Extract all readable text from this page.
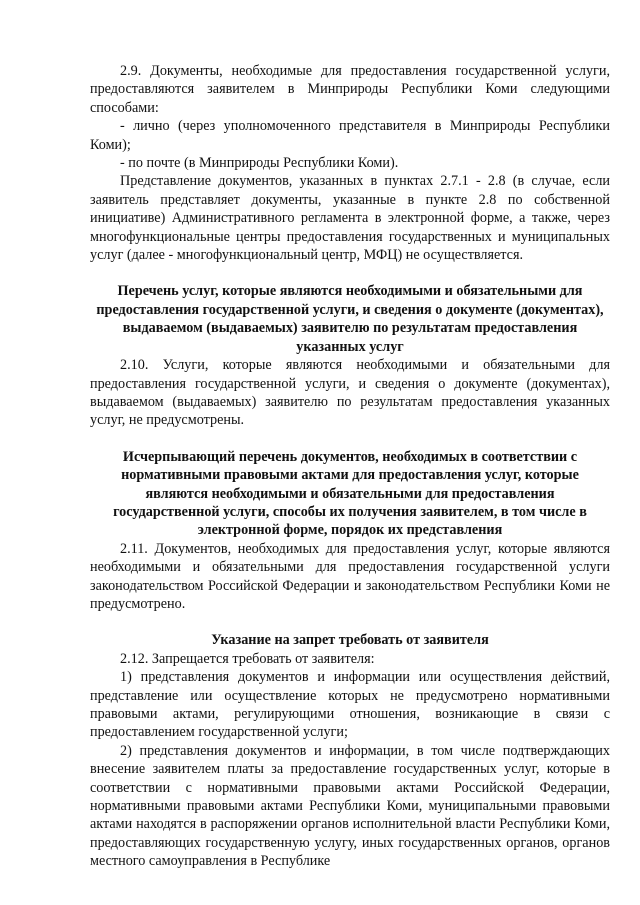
2.9. Документы, необходимые для предоставления государственной услуги, предоставляются заявителем в Минприроды Республики Коми следующими способами:

- лично (через уполномоченного представителя в Минприроды Республики Коми);

- по почте (в Минприроды Республики Коми).

Представление документов, указанных в пунктах 2.7.1 - 2.8 (в случае, если заявитель представляет документы, указанные в пункте 2.8 по собственной инициативе) Административного регламента в электронной форме, а также, через многофункциональные центры предоставления государственных и муниципальных услуг (далее - многофункциональный центр, МФЦ) не осуществляется.

Перечень услуг, которые являются необходимыми и обязательными для предоставления государственной услуги, и сведения о документе (документах), выдаваемом (выдаваемых) заявителю по результатам предоставления указанных услуг

2.10. Услуги, которые являются необходимыми и обязательными для предоставления государственной услуги, и сведения о документе (документах), выдаваемом (выдаваемых) заявителю по результатам предоставления указанных услуг, не предусмотрены.

Исчерпывающий перечень документов, необходимых в соответствии с нормативными правовыми актами для предоставления услуг, которые являются необходимыми и обязательными для предоставления государственной услуги, способы их получения заявителем, в том числе в электронной форме, порядок их представления

2.11. Документов, необходимых для предоставления услуг, которые являются необходимыми и обязательными для предоставления государственной услуги законодательством Российской Федерации и законодательством Республики Коми не предусмотрено.

Указание на запрет требовать от заявителя

2.12. Запрещается требовать от заявителя:

1) представления документов и информации или осуществления действий, представление или осуществление которых не предусмотрено нормативными правовыми актами, регулирующими отношения, возникающие в связи с предоставлением государственной услуги;

2) представления документов и информации, в том числе подтверждающих внесение заявителем платы за предоставление государственных услуг, которые в соответствии с нормативными правовыми актами Российской Федерации, нормативными правовыми актами Республики Коми, муниципальными правовыми актами находятся в распоряжении органов исполнительной власти Республики Коми, предоставляющих государственную услугу, иных государственных органов, органов местного самоуправления в Республике
